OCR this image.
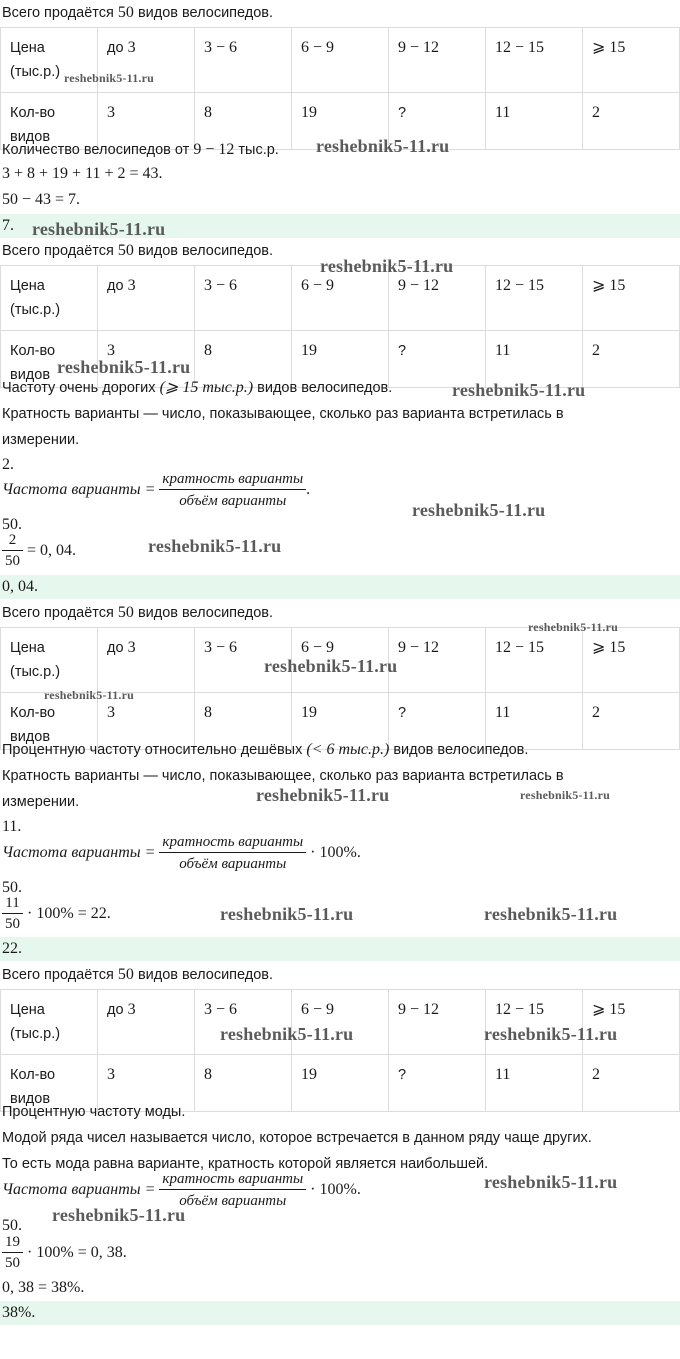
Всего продаётся 50 видов велосипедов.
Цена
(тыс.р.)	до 3	3 − 6	6 − 9	9 − 12	12 − 15	⩾ 15

Кол-во
видов	3	8	19	?	11	2
Количество велосипедов от 9 − 12 тыс.р.
3 + 8 + 19 + 11 + 2 = 43.
50 − 43 = 7.
7.
Всего продаётся 50 видов велосипедов.
Цена
(тыс.р.)	до 3	3 − 6	6 − 9	9 − 12	12 − 15	⩾ 15

Кол-во
видов	3	8	19	?	11	2
Частоту очень дорогих (⩾ 15 тыс.р.) видов велосипедов.
Кратность варианты — число, показывающее, сколько раз варианта встретилась в
измерении.
2.
Частота варианты = $\frac{\text{кратность варианты}}{\text{объём варианты}}$ .
50.
$\frac{2}{50} = 0$, 04.
0, 04.
Всего продаётся 50 видов велосипедов.
Цена
(тыс.р.)	до 3	3 − 6	6 − 9	9 − 12	12 − 15	⩾ 15

Кол-во
видов	3	8	19	?	11	2
Процентную частоту относительно дешёвых (< 6 тыс.р.) видов велосипедов.
Кратность варианты — число, показывающее, сколько раз варианта встретилась в
измерении.
11.
Частота варианты = $\frac{\text{кратность варианты}}{\text{объём варианты}} \cdot 100\%$.
50.
$\frac{11}{50} \cdot 100\% = 22$.
22.
Всего продаётся 50 видов велосипедов.
Цена
(тыс.р.)	до 3	3 − 6	6 − 9	9 − 12	12 − 15	⩾ 15

Кол-во
видов	3	8	19	?	11	2
Процентную частоту моды.
Модой ряда чисел называется число, которое встречается в данном ряду чаще других.
То есть мода равна варианте, кратность которой является наибольшей.
Частота варианты = $\frac{\text{кратность варианты}}{\text{объём варианты}} \cdot 100\%$.
50.
$\frac{19}{50} \cdot 100\% = 0$, 38.
0, 38 = 38%.
38%.
reshebnik5-11.ru
reshebnik5-11.ru
reshebnik5-11.ru
reshebnik5-11.ru
reshebnik5-11.ru
reshebnik5-11.ru
reshebnik5-11.ru
reshebnik5-11.ru
reshebnik5-11.ru
reshebnik5-11.ru
reshebnik5-11.ru
reshebnik5-11.ru	reshebnik5-11.ru
reshebnik5-11.ru	reshebnik5-11.ru
reshebnik5-11.ru	reshebnik5-11.ru
reshebnik5-11.ru
reshebnik5-11.ru
